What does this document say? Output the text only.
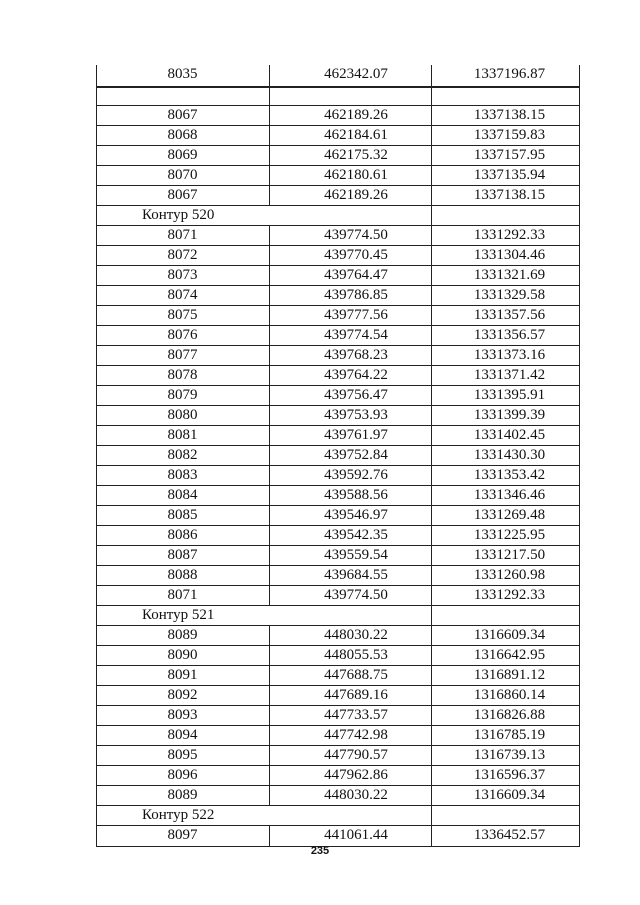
8035	462342.07	1337196.87
8067	462189.26	1337138.15
8068	462184.61	1337159.83
8069	462175.32	1337157.95
8070	462180.61	1337135.94
8067	462189.26	1337138.15
Контур 520
8071	439774.50	1331292.33
8072	439770.45	1331304.46
8073	439764.47	1331321.69
8074	439786.85	1331329.58
8075	439777.56	1331357.56
8076	439774.54	1331356.57
8077	439768.23	1331373.16
8078	439764.22	1331371.42
8079	439756.47	1331395.91
8080	439753.93	1331399.39
8081	439761.97	1331402.45
8082	439752.84	1331430.30
8083	439592.76	1331353.42
8084	439588.56	1331346.46
8085	439546.97	1331269.48
8086	439542.35	1331225.95
8087	439559.54	1331217.50
8088	439684.55	1331260.98
8071	439774.50	1331292.33
Контур 521
8089	448030.22	1316609.34
8090	448055.53	1316642.95
8091	447688.75	1316891.12
8092	447689.16	1316860.14
8093	447733.57	1316826.88
8094	447742.98	1316785.19
8095	447790.57	1316739.13
8096	447962.86	1316596.37
8089	448030.22	1316609.34
Контур 522
8097	441061.44	1336452.57
235
